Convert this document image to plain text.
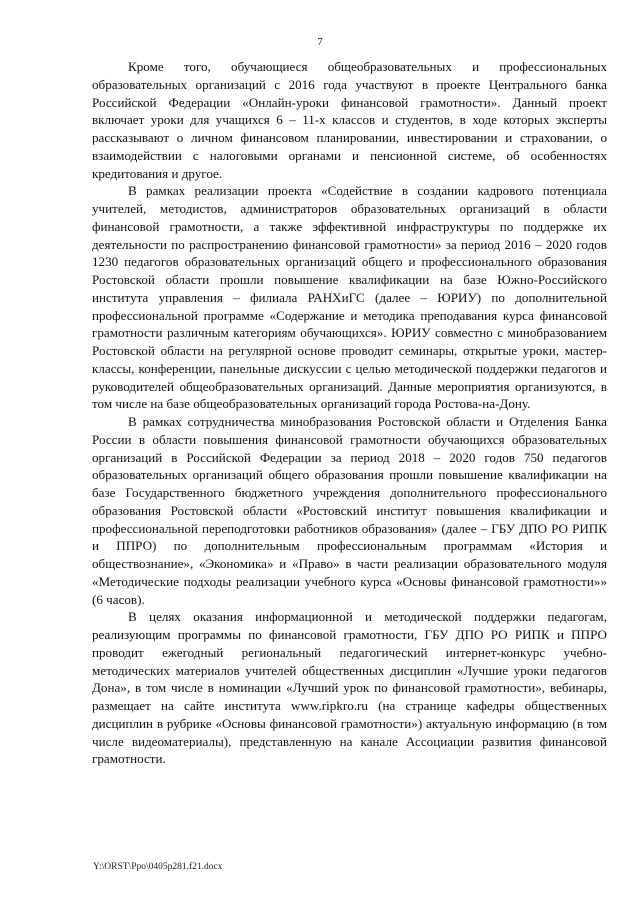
7

Кроме того, обучающиеся общеобразовательных и профессиональных образовательных организаций с 2016 года участвуют в проекте Центрального банка Российской Федерации «Онлайн-уроки финансовой грамотности». Данный проект включает уроки для учащихся 6 – 11-х классов и студентов, в ходе которых эксперты рассказывают о личном финансовом планировании, инвестировании и страховании, о взаимодействии с налоговыми органами и пенсионной системе, об особенностях кредитования и другое.

В рамках реализации проекта «Содействие в создании кадрового потенциала учителей, методистов, администраторов образовательных организаций в области финансовой грамотности, а также эффективной инфраструктуры по поддержке их деятельности по распространению финансовой грамотности» за период 2016 – 2020 годов 1230 педагогов образовательных организаций общего и профессионального образования Ростовской области прошли повышение квалификации на базе Южно-Российского института управления – филиала РАНХиГС (далее – ЮРИУ) по дополнительной профессиональной программе «Содержание и методика преподавания курса финансовой грамотности различным категориям обучающихся». ЮРИУ совместно с минобразованием Ростовской области на регулярной основе проводит семинары, открытые уроки, мастер-классы, конференции, панельные дискуссии с целью методической поддержки педагогов и руководителей общеобразовательных организаций. Данные мероприятия организуются, в том числе на базе общеобразовательных организаций города Ростова-на-Дону.

В рамках сотрудничества минобразования Ростовской области и Отделения Банка России в области повышения финансовой грамотности обучающихся образовательных организаций в Российской Федерации за период 2018 – 2020 годов 750 педагогов образовательных организаций общего образования прошли повышение квалификации на базе Государственного бюджетного учреждения дополнительного профессионального образования Ростовской области «Ростовский институт повышения квалификации и профессиональной переподготовки работников образования» (далее – ГБУ ДПО РО РИПК и ППРО) по дополнительным профессиональным программам «История и обществознание», «Экономика» и «Право» в части реализации образовательного модуля «Методические подходы реализации учебного курса «Основы финансовой грамотности»» (6 часов).

В целях оказания информационной и методической поддержки педагогам, реализующим программы по финансовой грамотности, ГБУ ДПО РО РИПК и ППРО проводит ежегодный региональный педагогический интернет-конкурс учебно-методических материалов учителей общественных дисциплин «Лучшие уроки педагогов Дона», в том числе в номинации «Лучший урок по финансовой грамотности», вебинары, размещает на сайте института www.ripkro.ru (на странице кафедры общественных дисциплин в рубрике «Основы финансовой грамотности») актуальную информацию (в том числе видеоматериалы), представленную на канале Ассоциации развития финансовой грамотности.

Y:\ORST\Ppo\0405p281.f21.docx
